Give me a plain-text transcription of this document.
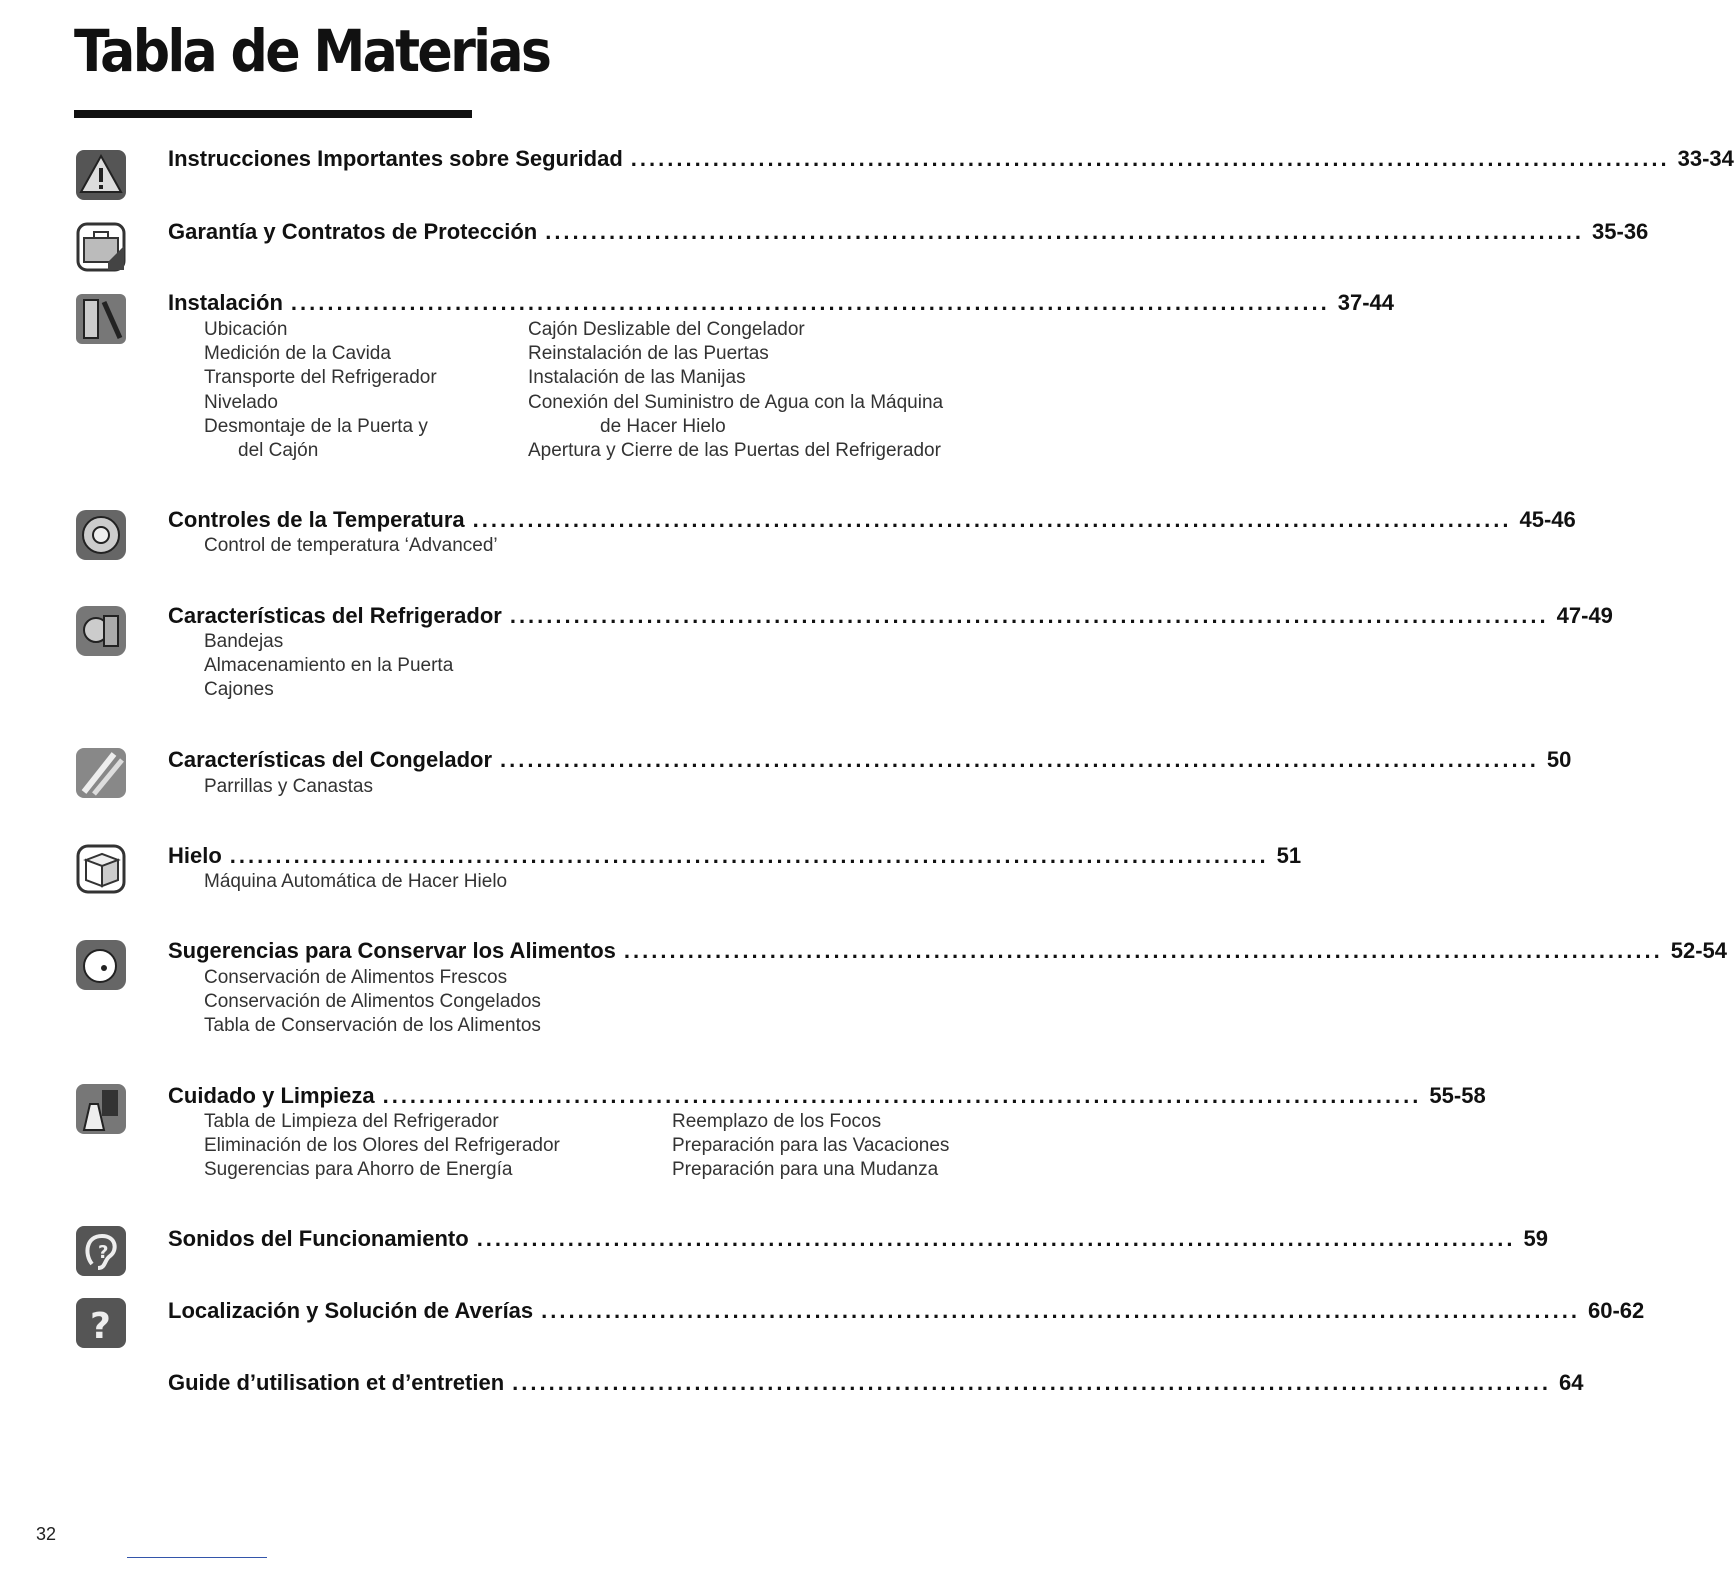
Tabla de Materias
Instrucciones Importantes sobre Seguridad .................................................................................................................. 33-34
Garantía y Contratos de Protección .................................................................................................................. 35-36
Instalación .................................................................................................................. 37-44
Ubicación
Medición de la Cavida
Transporte del Refrigerador
Nivelado
Desmontaje de la Puerta y
del Cajón
Cajón Deslizable del Congelador
Reinstalación de las Puertas
Instalación de las Manijas
Conexión del Suministro de Agua con la Máquina
de Hacer Hielo
Apertura y Cierre de las Puertas del Refrigerador
Controles de la Temperatura .................................................................................................................. 45-46
Control de temperatura ‘Advanced’
Características del Refrigerador .................................................................................................................. 47-49
Bandejas
Almacenamiento en la Puerta
Cajones
Características del Congelador .................................................................................................................. 50
Parrillas y Canastas
Hielo .................................................................................................................. 51
Máquina Automática de Hacer Hielo
Sugerencias para Conservar los Alimentos .................................................................................................................. 52-54
Conservación de Alimentos Frescos
Conservación de Alimentos Congelados
Tabla de Conservación de los Alimentos
Cuidado y Limpieza .................................................................................................................. 55-58
Tabla de Limpieza del Refrigerador
Eliminación de los Olores del Refrigerador
Sugerencias para Ahorro de Energía
Reemplazo de los Focos
Preparación para las Vacaciones
Preparación para una Mudanza
?
Sonidos del Funcionamiento .................................................................................................................. 59
?	Localización y Solución de Averías .................................................................................................................. 60-62
Guide d’utilisation et d’entretien .................................................................................................................. 64
32
